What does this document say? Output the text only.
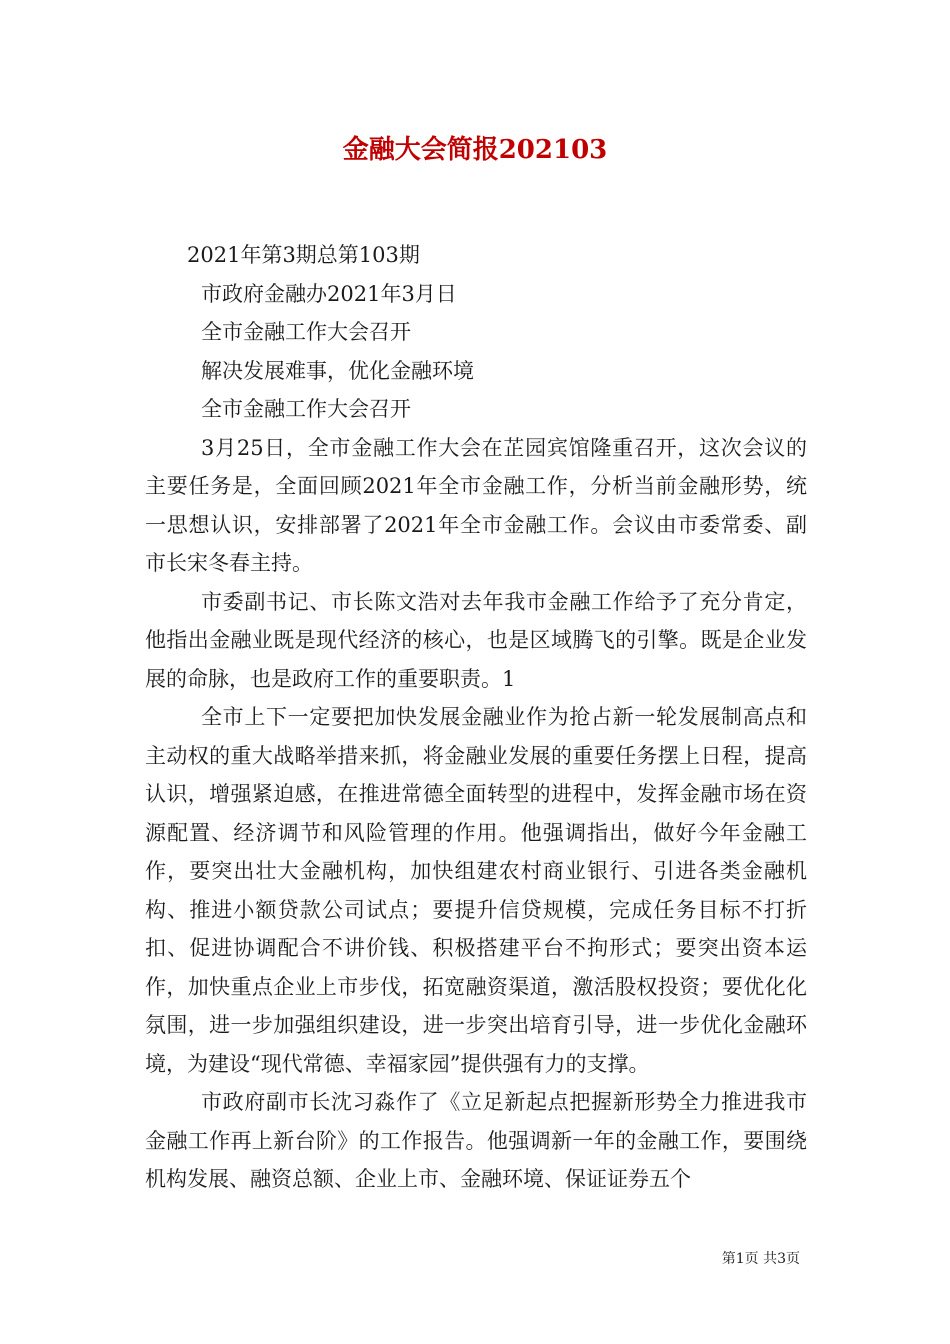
金融大会简报202103
2021年第3期总第103期
市政府金融办2021年3月日
全市金融工作大会召开
解决发展难事，优化金融环境
全市金融工作大会召开

3月25日，全市金融工作大会在芷园宾馆隆重召开，这次会议的主要任务是，全面回顾2021年全市金融工作，分析当前金融形势，统一思想认识，安排部署了2021年全市金融工作。会议由市委常委、副市长宋冬春主持。

市委副书记、市长陈文浩对去年我市金融工作给予了充分肯定，他指出金融业既是现代经济的核心，也是区域腾飞的引擎。既是企业发展的命脉，也是政府工作的重要职责。1

全市上下一定要把加快发展金融业作为抢占新一轮发展制高点和主动权的重大战略举措来抓，将金融业发展的重要任务摆上日程，提高认识，增强紧迫感，在推进常德全面转型的进程中，发挥金融市场在资源配置、经济调节和风险管理的作用。他强调指出，做好今年金融工作，要突出壮大金融机构，加快组建农村商业银行、引进各类金融机构、推进小额贷款公司试点；要提升信贷规模，完成任务目标不打折扣、促进协调配合不讲价钱、积极搭建平台不拘形式；要突出资本运作，加快重点企业上市步伐，拓宽融资渠道，激活股权投资；要优化化氛围，进一步加强组织建设，进一步突出培育引导，进一步优化金融环境，为建设“现代常德、幸福家园”提供强有力的支撑。

市政府副市长沈习淼作了《立足新起点把握新形势全力推进我市金融工作再上新台阶》的工作报告。他强调新一年的金融工作，要围绕机构发展、融资总额、企业上市、金融环境、保证证券五个

第1页 共3页
